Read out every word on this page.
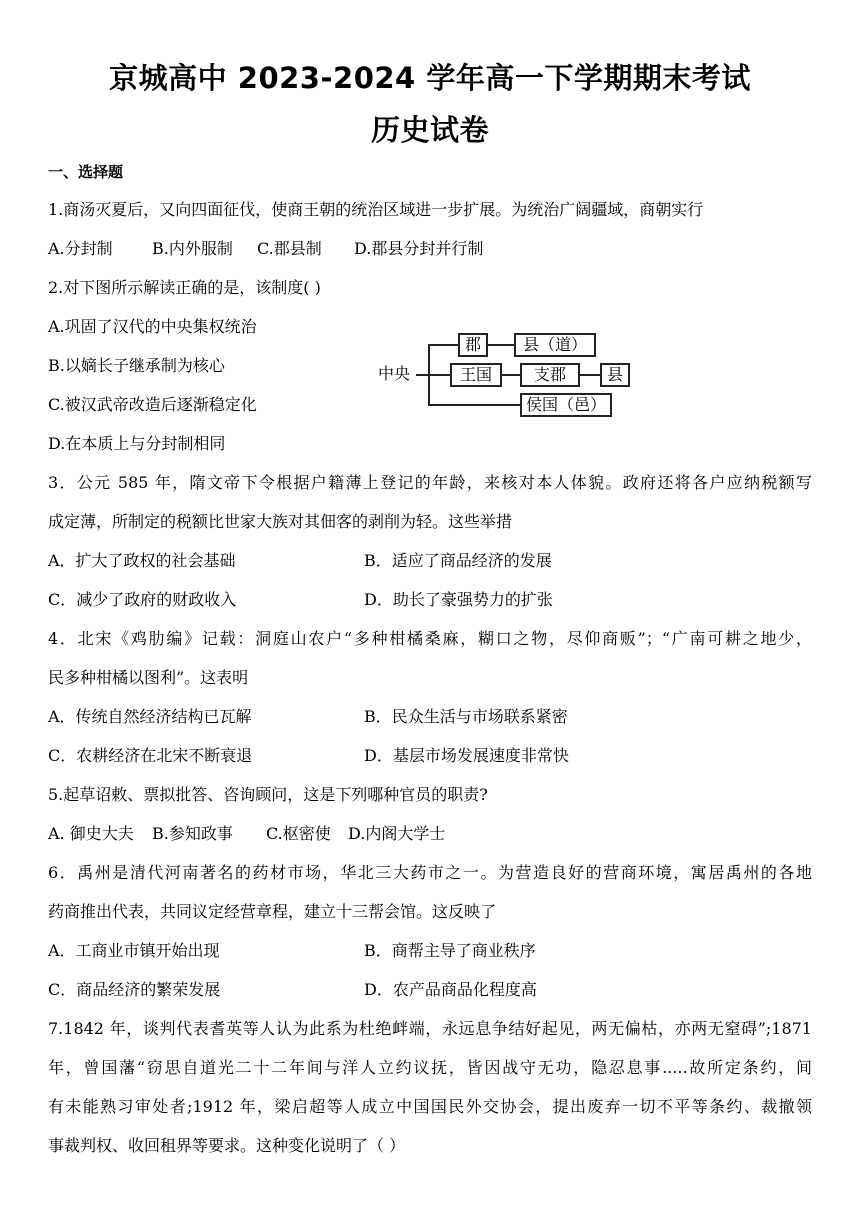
京城高中 2023-2024 学年高一下学期期末考试
历史试卷
一、选择题
1.商汤灭夏后，又向四面征伐，使商王朝的统治区域进一步扩展。为统治广阔疆域，商朝实行
A.分封制 B.内外服制 C.郡县制 D.郡县分封并行制
2.对下图所示解读正确的是，该制度( )
A.巩固了汉代的中央集权统治
B.以嫡长子继承制为核心
C.被汉武帝改造后逐渐稳定化
D.在本质上与分封制相同
中央
郡	县（道）
王国	支郡	县
侯国（邑）
3．公元 585 年，隋文帝下令根据户籍薄上登记的年龄，来核对本人体貌。政府还将各户应纳税额写
成定薄，所制定的税额比世家大族对其佃客的剥削为轻。这些举措
A．扩大了政权的社会基础	B．适应了商品经济的发展
C．减少了政府的财政收入	D．助长了豪强势力的扩张
4．北宋《鸡肋编》记载：洞庭山农户“多种柑橘桑麻，糊口之物，尽仰商贩”；“广南可耕之地少，
民多种柑橘以图利”。这表明
A．传统自然经济结构已瓦解	B．民众生活与市场联系紧密
C．农耕经济在北宋不断衰退	D．基层市场发展速度非常快
5.起草诏敕、票拟批答、咨询顾问，这是下列哪种官员的职责?
A. 御史大夫 B.参知政事 C.枢密使 D.内阁大学士
6．禹州是清代河南著名的药材市场，华北三大药市之一。为营造良好的营商环境，寓居禹州的各地
药商推出代表，共同议定经营章程，建立十三帮会馆。这反映了
A．工商业市镇开始出现	B．商帮主导了商业秩序
C．商品经济的繁荣发展	D．农产品商品化程度高
7.1842 年，谈判代表耆英等人认为此系为杜绝衅端，永远息争结好起见，两无偏枯，亦两无窒碍”;1871
年，曾国藩“窃思自道光二十二年间与洋人立约议抚，皆因战守无功，隐忍息事.....故所定条约，间
有未能熟习审处者;1912 年，梁启超等人成立中国国民外交协会，提出废弃一切不平等条约、裁撤领
事裁判权、收回租界等要求。这种变化说明了（ ）
